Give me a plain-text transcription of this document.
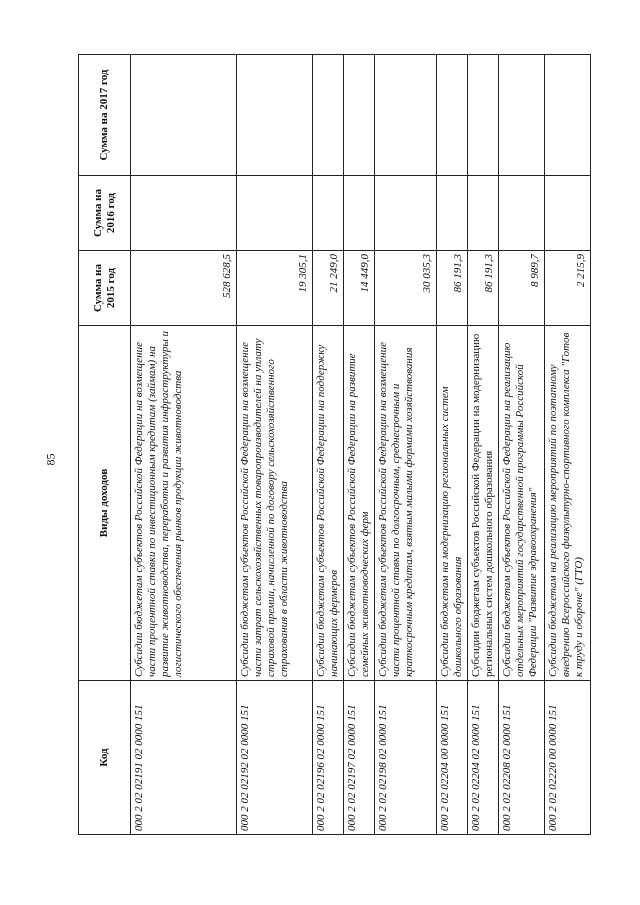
85
Код	Виды доходов	Сумма на 2015 год	Сумма на 2016 год	Сумма на 2017 год
000 2 02 02191 02 0000 151	Субсидии бюджетам субъектов Российской Федерации на возмещение части процентной ставки по инвестиционным кредитам (займам) на развитие животноводства, переработки и развития инфраструктуры и логистического обеспечения рынков продукции животноводства	528 628,5		
000 2 02 02192 02 0000 151	Субсидии бюджетам субъектов Российской Федерации на возмещение части затрат сельскохозяйственных товаропроизводителей на уплату страховой премии, начисленной по договору сельскохозяйственного страхования в области животноводства	19 305,1		
000 2 02 02196 02 0000 151	Субсидии бюджетам субъектов Российской Федерации на поддержку начинающих фермеров	21 249,0		
000 2 02 02197 02 0000 151	Субсидии бюджетам субъектов Российской Федерации на развитие семейных животноводческих ферм	14 449,0		
000 2 02 02198 02 0000 151	Субсидии бюджетам субъектов Российской Федерации на возмещение части процентной ставки по долгосрочным, среднесрочным и краткосрочным кредитам, взятым малыми формами хозяйствования	30 035,3		
000 2 02 02204 00 0000 151	Субсидии бюджетам на модернизацию региональных систем дошкольного образования	86 191,3		
000 2 02 02204 02 0000 151	Субсидии бюджетам субъектов Российской Федерации на модернизацию региональных систем дошкольного образования	86 191,3		
000 2 02 02208 02 0000 151	Субсидии бюджетам субъектов Российской Федерации на реализацию отдельных мероприятий государственной программы Российской Федерации "Развитие здравоохранения"	8 989,7		
000 2 02 02220 00 0000 151	Субсидии бюджетам на реализацию мероприятий по поэтапному внедрению Всероссийского физкультурно-спортивного комплекса "Готов к труду и обороне" (ГТО)	2 215,9		
